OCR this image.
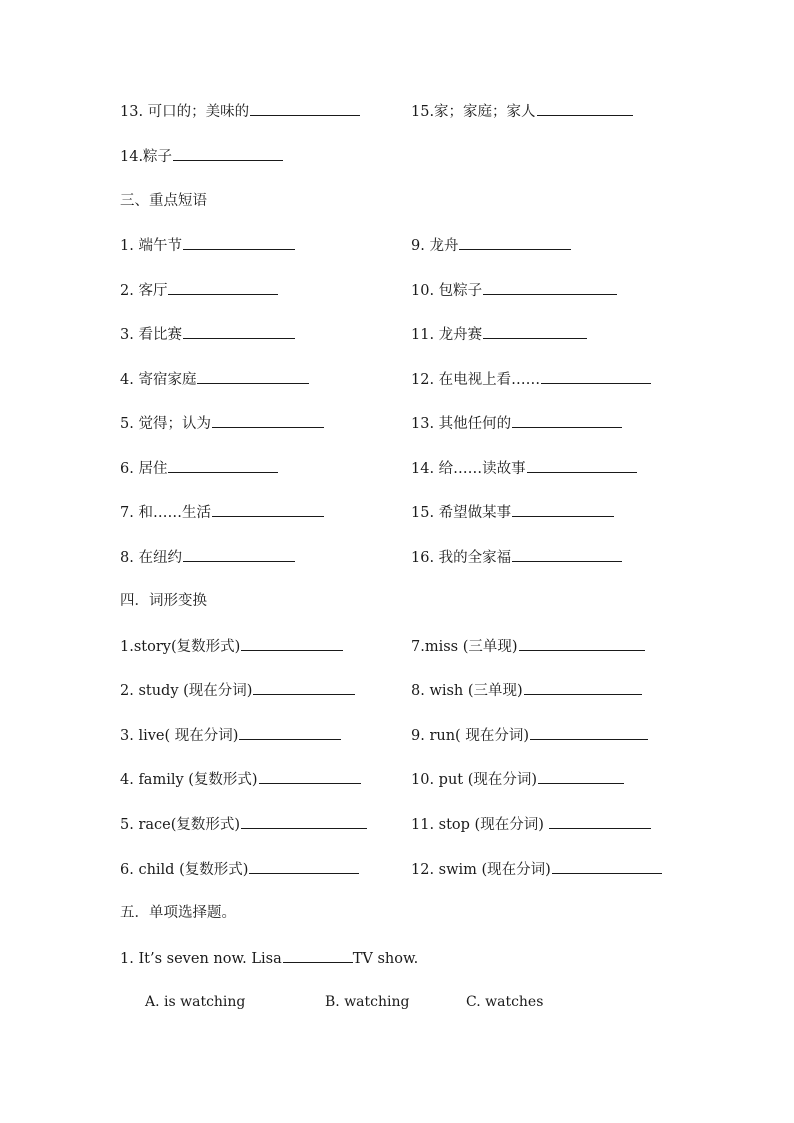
13. 可口的；美味的	15.家；家庭；家人
14.粽子
三、重点短语
1. 端午节	9. 龙舟
2. 客厅	10. 包粽子
3. 看比赛	11. 龙舟赛
4. 寄宿家庭	12. 在电视上看……
5. 觉得；认为	13. 其他任何的
6. 居住	14. 给……读故事
7. 和……生活	15. 希望做某事
8. 在纽约	16. 我的全家福
四．词形变换
1.story(复数形式)	7.miss (三单现)
2. study (现在分词)	8. wish (三单现)
3. live( 现在分词)	9. run( 现在分词)
4. family (复数形式)	10. put (现在分词)
5. race(复数形式)	11. stop (现在分词)
6. child (复数形式)	12. swim (现在分词)
五．单项选择题。
1. It’s seven now. Lisa	TV show.
A. is watching	B. watching	C. watches
